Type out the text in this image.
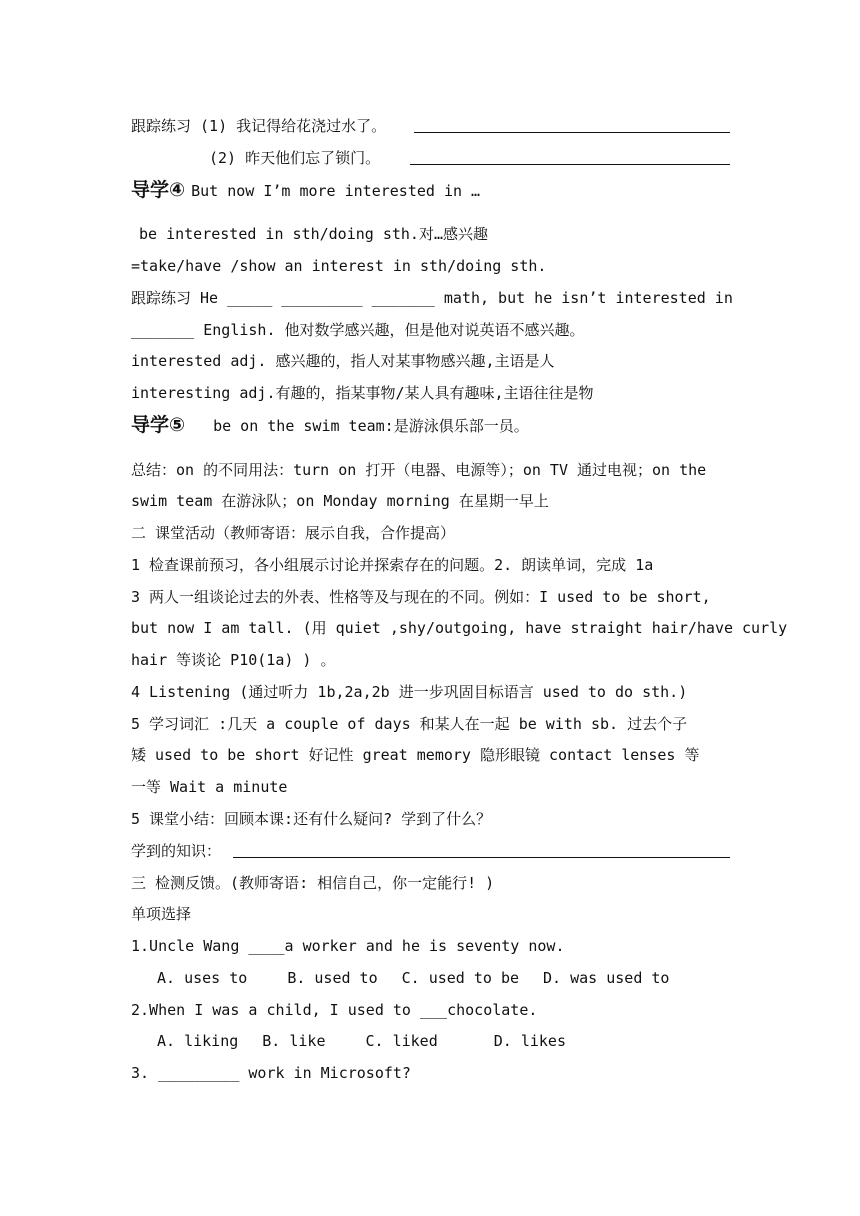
跟踪练习 (1) 我记得给花浇过水了。
(2) 昨天他们忘了锁门。
导学④ But now I’m more interested in …
be interested in sth/doing sth.对…感兴趣
=take/have /show an interest in sth/doing sth.
跟踪练习 He _____ _________ _______ math, but he isn’t interested in
_______ English. 他对数学感兴趣，但是他对说英语不感兴趣。
interested adj. 感兴趣的，指人对某事物感兴趣,主语是人
interesting adj.有趣的，指某事物/某人具有趣味,主语往往是物
导学⑤ be on the swim team:是游泳俱乐部一员。
总结：on 的不同用法：turn on 打开（电器、电源等）；on TV 通过电视；on the
swim team 在游泳队；on Monday morning 在星期一早上
二 课堂活动（教师寄语：展示自我，合作提高）
1 检查课前预习，各小组展示讨论并探索存在的问题。2. 朗读单词，完成 1a
3 两人一组谈论过去的外表、性格等及与现在的不同。例如：I used to be short,
but now I am tall. (用 quiet ,shy/outgoing, have straight hair/have curly
hair 等谈论 P10(1a) ) 。
4 Listening (通过听力 1b,2a,2b 进一步巩固目标语言 used to do sth.)
5 学习词汇 :几天 a couple of days 和某人在一起 be with sb. 过去个子
矮 used to be short 好记性 great memory 隐形眼镜 contact lenses 等
一等 Wait a minute
5 课堂小结：回顾本课:还有什么疑问? 学到了什么？
学到的知识：
三 检测反馈。(教师寄语: 相信自己，你一定能行! )
单项选择
1.Uncle Wang ____a worker and he is seventy now.
A. uses to	B. used to C. used to be D. was used to
2.When I was a child, I used to ___chocolate.
A. liking B. like	C. liked	D. likes
3. _________ work in Microsoft?
